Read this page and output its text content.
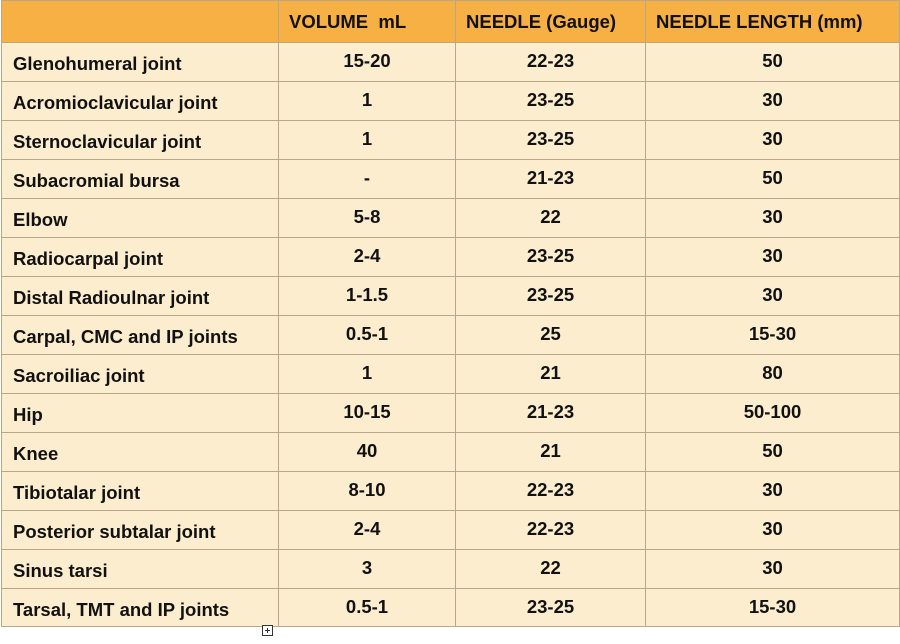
	VOLUME  mL	NEEDLE (Gauge)	NEEDLE LENGTH (mm)
Glenohumeral joint	15-20	22-23	50
Acromioclavicular joint	1	23-25	30
Sternoclavicular joint	1	23-25	30
Subacromial bursa	-	21-23	50
Elbow	5-8	22	30
Radiocarpal joint	2-4	23-25	30
Distal Radioulnar joint	1-1.5	23-25	30
Carpal, CMC and IP joints	0.5-1	25	15-30
Sacroiliac joint	1	21	80
Hip	10-15	21-23	50-100
Knee	40	21	50
Tibiotalar joint	8-10	22-23	30
Posterior subtalar joint	2-4	22-23	30
Sinus tarsi	3	22	30
Tarsal, TMT and IP joints	0.5-1	23-25	15-30
